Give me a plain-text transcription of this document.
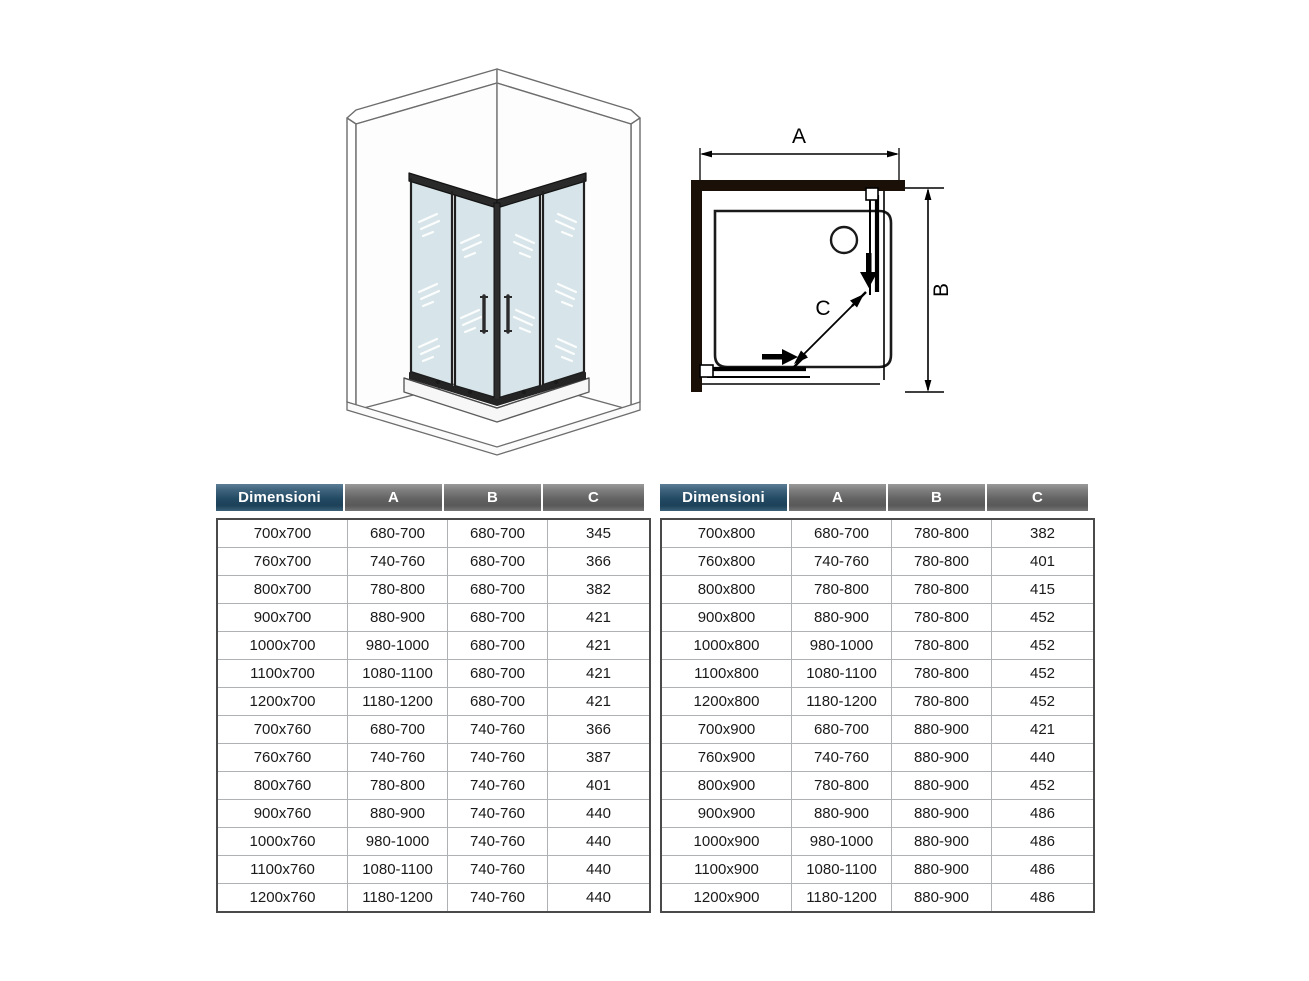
A
B
C
Dimensioni	A	B	C
700x700	680-700	680-700	345
760x700	740-760	680-700	366
800x700	780-800	680-700	382
900x700	880-900	680-700	421
1000x700	980-1000	680-700	421
1100x700	1080-1100	680-700	421
1200x700	1180-1200	680-700	421
700x760	680-700	740-760	366
760x760	740-760	740-760	387
800x760	780-800	740-760	401
900x760	880-900	740-760	440
1000x760	980-1000	740-760	440
1100x760	1080-1100	740-760	440
1200x760	1180-1200	740-760	440
Dimensioni	A	B	C
700x800	680-700	780-800	382
760x800	740-760	780-800	401
800x800	780-800	780-800	415
900x800	880-900	780-800	452
1000x800	980-1000	780-800	452
1100x800	1080-1100	780-800	452
1200x800	1180-1200	780-800	452
700x900	680-700	880-900	421
760x900	740-760	880-900	440
800x900	780-800	880-900	452
900x900	880-900	880-900	486
1000x900	980-1000	880-900	486
1100x900	1080-1100	880-900	486
1200x900	1180-1200	880-900	486
